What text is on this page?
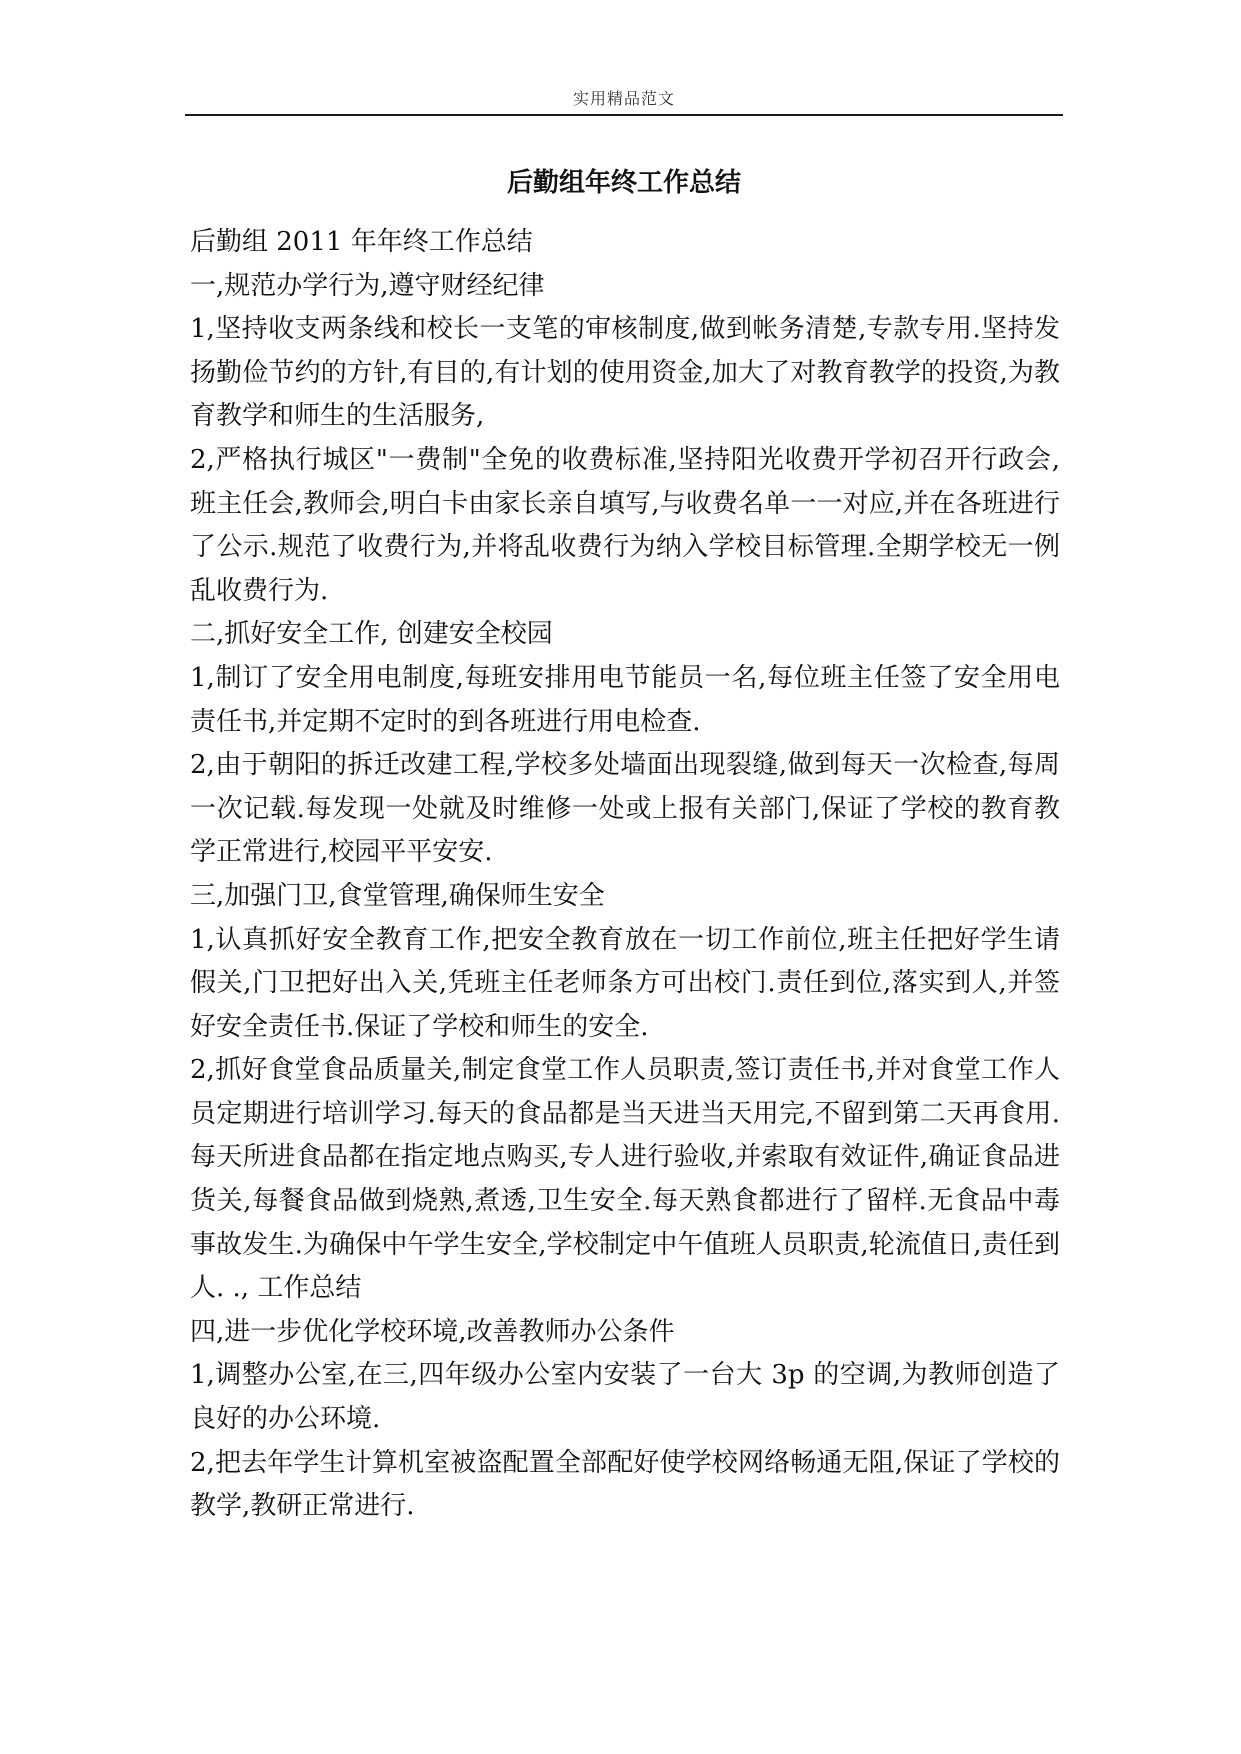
实用精品范文
后勤组年终工作总结

后勤组 2011 年年终工作总结

一,规范办学行为,遵守财经纪律

1,坚持收支两条线和校长一支笔的审核制度,做到帐务清楚,专款专用.坚持发扬勤俭节约的方针,有目的,有计划的使用资金,加大了对教育教学的投资,为教育教学和师生的生活服务,

2,严格执行城区"一费制"全免的收费标准,坚持阳光收费开学初召开行政会,班主任会,教师会,明白卡由家长亲自填写,与收费名单一一对应,并在各班进行了公示.规范了收费行为,并将乱收费行为纳入学校目标管理.全期学校无一例乱收费行为.

二,抓好安全工作, 创建安全校园

1,制订了安全用电制度,每班安排用电节能员一名,每位班主任签了安全用电责任书,并定期不定时的到各班进行用电检查.

2,由于朝阳的拆迁改建工程,学校多处墙面出现裂缝,做到每天一次检查,每周一次记载.每发现一处就及时维修一处或上报有关部门,保证了学校的教育教学正常进行,校园平平安安.

三,加强门卫,食堂管理,确保师生安全

1,认真抓好安全教育工作,把安全教育放在一切工作前位,班主任把好学生请假关,门卫把好出入关,凭班主任老师条方可出校门.责任到位,落实到人,并签好安全责任书.保证了学校和师生的安全.

2,抓好食堂食品质量关,制定食堂工作人员职责,签订责任书,并对食堂工作人员定期进行培训学习.每天的食品都是当天进当天用完,不留到第二天再食用.每天所进食品都在指定地点购买,专人进行验收,并索取有效证件,确证食品进货关,每餐食品做到烧熟,煮透,卫生安全.每天熟食都进行了留样.无食品中毒事故发生.为确保中午学生安全,学校制定中午值班人员职责,轮流值日,责任到人. ., 工作总结

四,进一步优化学校环境,改善教师办公条件

1,调整办公室,在三,四年级办公室内安装了一台大 3p 的空调,为教师创造了良好的办公环境.

2,把去年学生计算机室被盗配置全部配好使学校网络畅通无阻,保证了学校的教学,教研正常进行.
